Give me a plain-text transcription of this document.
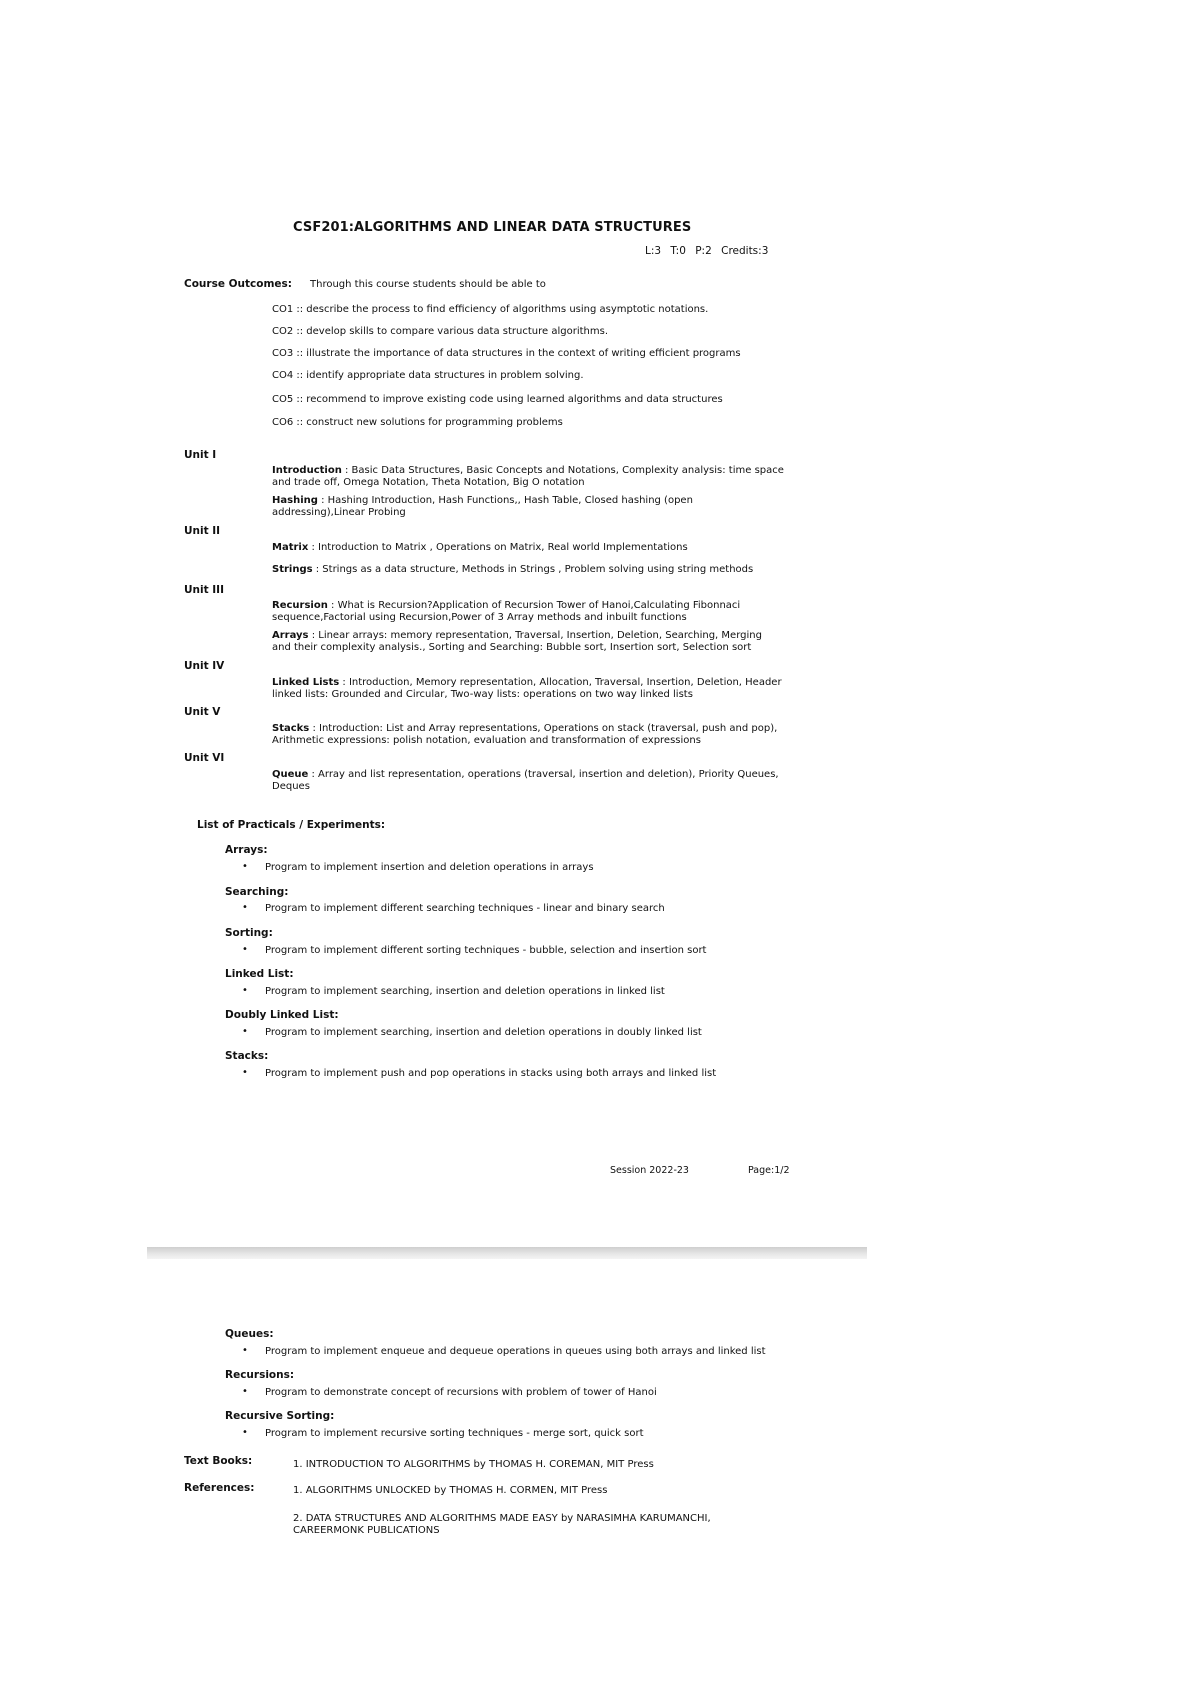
CSF201:ALGORITHMS AND LINEAR DATA STRUCTURES
L:3 T:0 P:2 Credits:3
Course Outcomes: Through this course students should be able to
CO1 :: describe the process to find efficiency of algorithms using asymptotic notations.
CO2 :: develop skills to compare various data structure algorithms.
CO3 :: illustrate the importance of data structures in the context of writing efficient programs
CO4 :: identify appropriate data structures in problem solving.
CO5 :: recommend to improve existing code using learned algorithms and data structures
CO6 :: construct new solutions for programming problems
Unit I
Introduction : Basic Data Structures, Basic Concepts and Notations, Complexity analysis: time space
and trade off, Omega Notation, Theta Notation, Big O notation
Hashing : Hashing Introduction, Hash Functions,, Hash Table, Closed hashing (open
addressing),Linear Probing
Unit II
Matrix : Introduction to Matrix , Operations on Matrix, Real world Implementations
Strings : Strings as a data structure, Methods in Strings , Problem solving using string methods
Unit III
Recursion : What is Recursion?Application of Recursion Tower of Hanoi,Calculating Fibonnaci
sequence,Factorial using Recursion,Power of 3 Array methods and inbuilt functions
Arrays : Linear arrays: memory representation, Traversal, Insertion, Deletion, Searching, Merging
and their complexity analysis., Sorting and Searching: Bubble sort, Insertion sort, Selection sort
Unit IV
Linked Lists : Introduction, Memory representation, Allocation, Traversal, Insertion, Deletion, Header
linked lists: Grounded and Circular, Two-way lists: operations on two way linked lists
Unit V
Stacks : Introduction: List and Array representations, Operations on stack (traversal, push and pop),
Arithmetic expressions: polish notation, evaluation and transformation of expressions
Unit VI
Queue : Array and list representation, operations (traversal, insertion and deletion), Priority Queues,
Deques
List of Practicals / Experiments:
Arrays:
• Program to implement insertion and deletion operations in arrays
Searching:
• Program to implement different searching techniques - linear and binary search
Sorting:
• Program to implement different sorting techniques - bubble, selection and insertion sort
Linked List:
• Program to implement searching, insertion and deletion operations in linked list
Doubly Linked List:
• Program to implement searching, insertion and deletion operations in doubly linked list
Stacks:
• Program to implement push and pop operations in stacks using both arrays and linked list
Session 2022-23	Page:1/2
Queues:
• Program to implement enqueue and dequeue operations in queues using both arrays and linked list
Recursions:
• Program to demonstrate concept of recursions with problem of tower of Hanoi
Recursive Sorting:
• Program to implement recursive sorting techniques - merge sort, quick sort
Text Books:	1. INTRODUCTION TO ALGORITHMS by THOMAS H. COREMAN, MIT Press
References:	1. ALGORITHMS UNLOCKED by THOMAS H. CORMEN, MIT Press
2. DATA STRUCTURES AND ALGORITHMS MADE EASY by NARASIMHA KARUMANCHI,
CAREERMONK PUBLICATIONS
